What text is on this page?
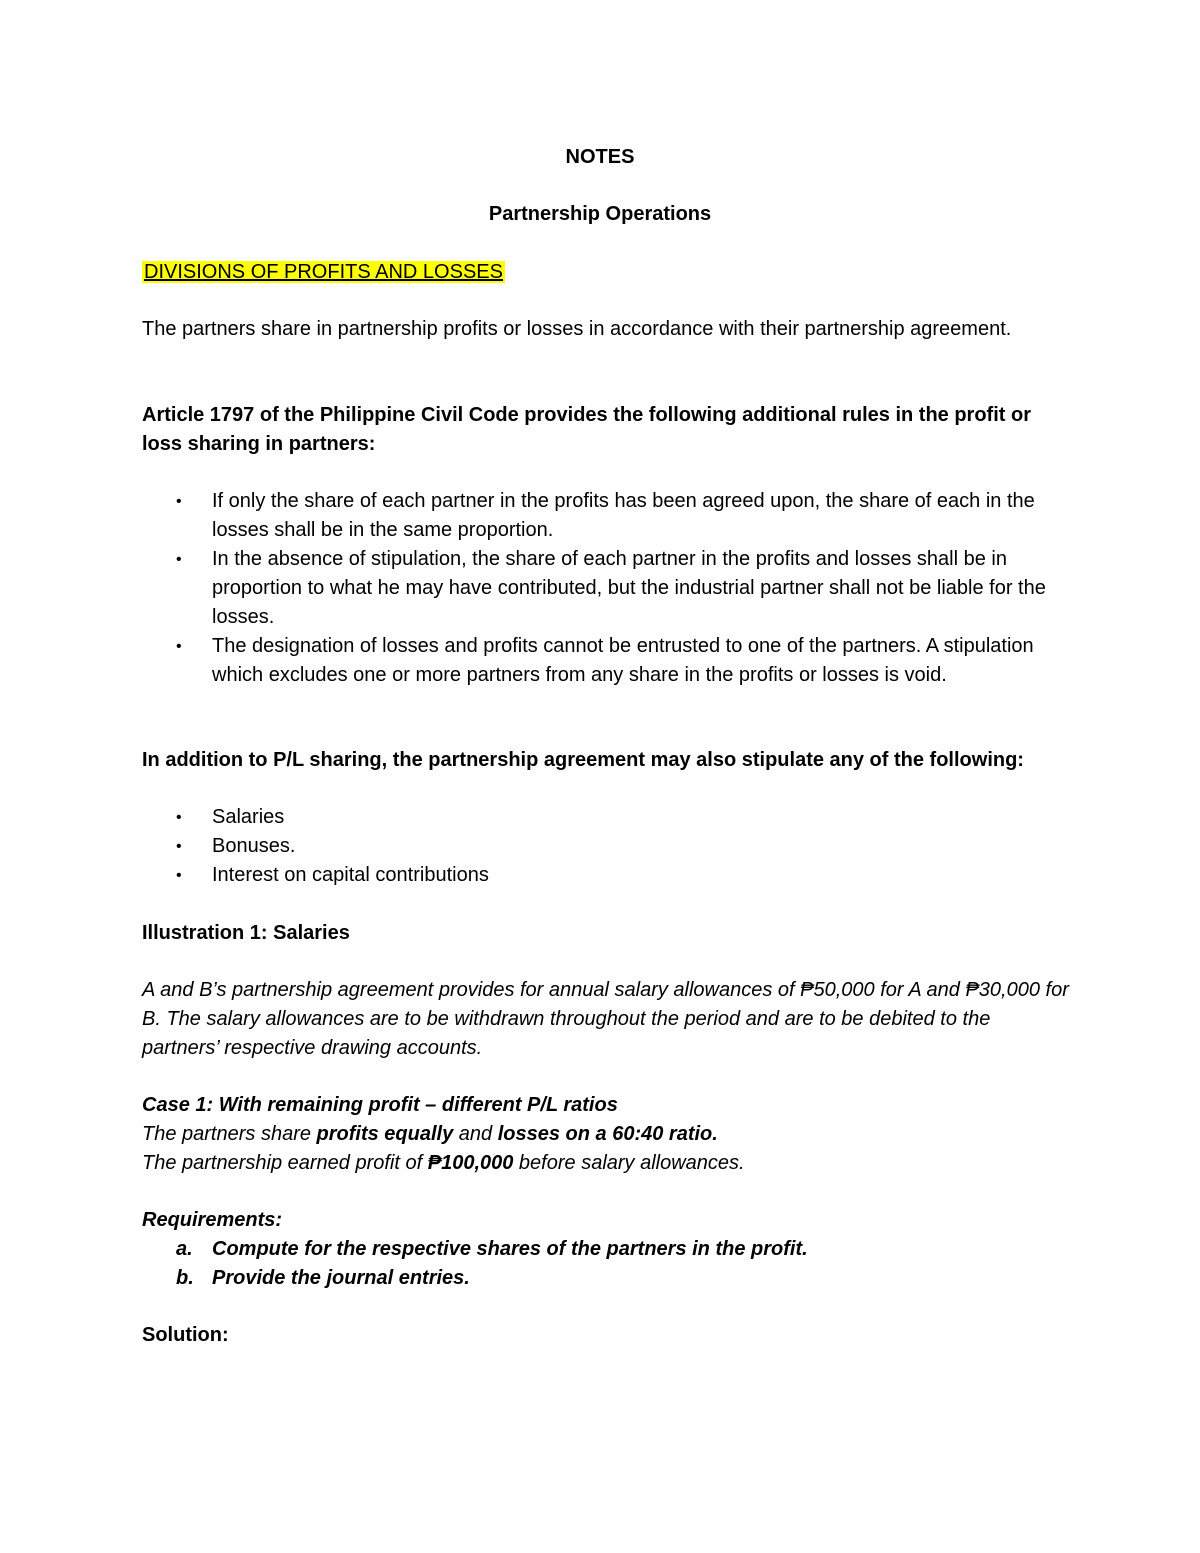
NOTES

Partnership Operations

DIVISIONS OF PROFITS AND LOSSES

The partners share in partnership profits or losses in accordance with their partnership agreement.

Article 1797 of the Philippine Civil Code provides the following additional rules in the profit or loss sharing in partners:

• If only the share of each partner in the profits has been agreed upon, the share of each in the losses shall be in the same proportion.
• In the absence of stipulation, the share of each partner in the profits and losses shall be in proportion to what he may have contributed, but the industrial partner shall not be liable for the losses.
• The designation of losses and profits cannot be entrusted to one of the partners. A stipulation which excludes one or more partners from any share in the profits or losses is void.

In addition to P/L sharing, the partnership agreement may also stipulate any of the following:

• Salaries
• Bonuses.
• Interest on capital contributions

Illustration 1: Salaries

A and B’s partnership agreement provides for annual salary allowances of ₱50,000 for A and ₱30,000 for B. The salary allowances are to be withdrawn throughout the period and are to be debited to the partners’ respective drawing accounts.

Case 1: With remaining profit – different P/L ratios

The partners share profits equally and losses on a 60:40 ratio.

The partnership earned profit of ₱100,000 before salary allowances.

Requirements:

a. Compute for the respective shares of the partners in the profit.
b. Provide the journal entries.

Solution:
